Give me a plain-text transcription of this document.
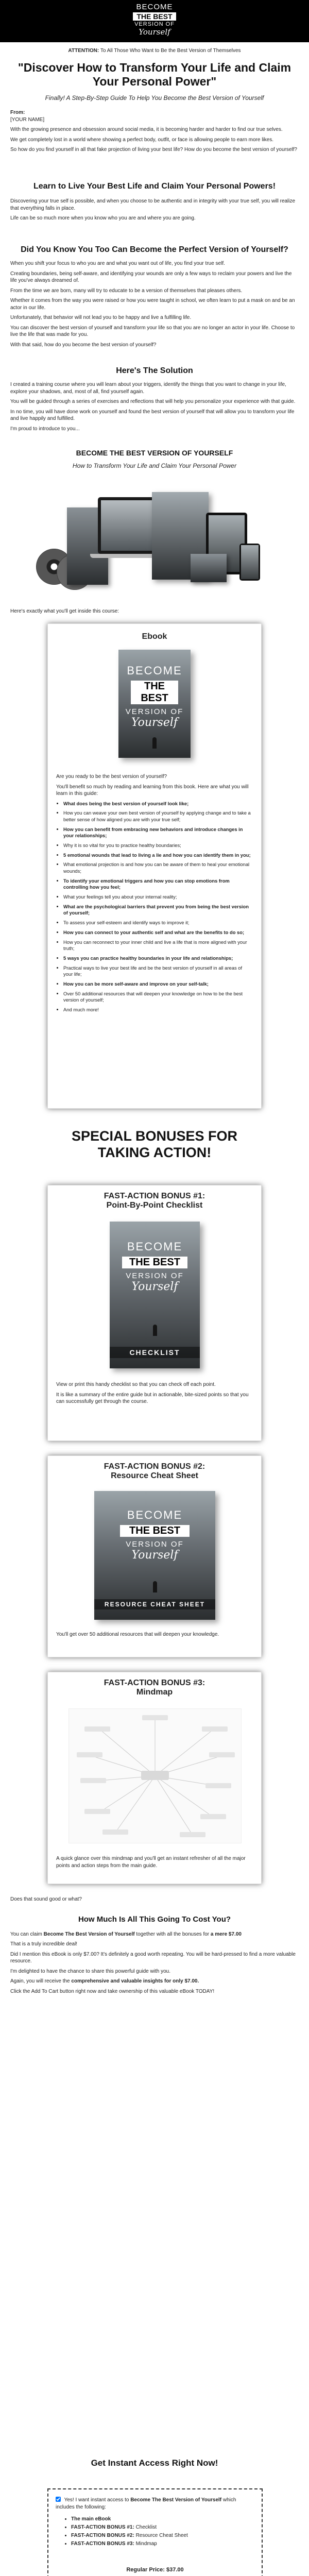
BECOME
THE BEST
VERSION OF
Yourself

ATTENTION: To All Those Who Want to Be the Best Version of Themselves

"Discover How to Transform Your Life and Claim Your Personal Power"

Finally! A Step-By-Step Guide To Help You Become the Best Version of Yourself

From:
[YOUR NAME]

With the growing presence and obsession around social media, it is becoming harder and harder to find our true selves.

We get completely lost in a world where showing a perfect body, outfit, or face is allowing people to earn more likes.

So how do you find yourself in all that fake projection of living your best life? How do you become the best version of yourself?

Learn to Live Your Best Life and Claim Your Personal Powers!

Discovering your true self is possible, and when you choose to be authentic and in integrity with your true self, you will realize that everything falls in place.

Life can be so much more when you know who you are and where you are going.

Did You Know You Too Can Become the Perfect Version of Yourself?

When you shift your focus to who you are and what you want out of life, you find your true self.

Creating boundaries, being self-aware, and identifying your wounds are only a few ways to reclaim your powers and live the life you've always dreamed of.

From the time we are born, many will try to educate to be a version of themselves that pleases others.

Whether it comes from the way you were raised or how you were taught in school, we often learn to put a mask on and be an actor in our life.

Unfortunately, that behavior will not lead you to be happy and live a fulfilling life.

You can discover the best version of yourself and transform your life so that you are no longer an actor in your life. Choose to live the life that was made for you.

With that said, how do you become the best version of yourself?

Here's The Solution

I created a training course where you will learn about your triggers, identify the things that you want to change in your life, explore your shadows, and, most of all, find yourself again.

You will be guided through a series of exercises and reflections that will help you personalize your experience with that guide.

In no time, you will have done work on yourself and found the best version of yourself that will allow you to transform your life and live happily and fulfilled.

I'm proud to introduce to you...

BECOME THE BEST VERSION OF YOURSELF

How to Transform Your Life and Claim Your Personal Power

Here's exactly what you'll get inside this course:

Ebook
BECOME
THE BEST
VERSION OF
Yourself

Are you ready to be the best version of yourself?

You'll benefit so much by reading and learning from this book. Here are what you will learn in this guide:

• What does being the best version of yourself look like;
• How you can weave your own best version of yourself by applying change and to take a better sense of how aligned you are with your true self;
• How you can benefit from embracing new behaviors and introduce changes in your relationships;
• Why it is so vital for you to practice healthy boundaries;
• 5 emotional wounds that lead to living a lie and how you can identify them in you;
• What emotional projection is and how you can be aware of them to heal your emotional wounds;
• To identify your emotional triggers and how you can stop emotions from controlling how you feel;
• What your feelings tell you about your internal reality;
• What are the psychological barriers that prevent you from being the best version of yourself;
• To assess your self-esteem and identify ways to improve it;
• How you can connect to your authentic self and what are the benefits to do so;
• How you can reconnect to your inner child and live a life that is more aligned with your truth;
• 5 ways you can practice healthy boundaries in your life and relationships;
• Practical ways to live your best life and be the best version of yourself in all areas of your life;
• How you can be more self-aware and improve on your self-talk;
• Over 50 additional resources that will deepen your knowledge on how to be the best version of yourself;
• And much more!
SPECIAL BONUSES FOR TAKING ACTION!
FAST-ACTION BONUS #1:
Point-By-Point Checklist
BECOME
THE BEST
VERSION OF
Yourself
CHECKLIST

View or print this handy checklist so that you can check off each point.

It is like a summary of the entire guide but in actionable, bite-sized points so that you can successfully get through the course.

FAST-ACTION BONUS #2:
Resource Cheat Sheet
BECOME
THE BEST
VERSION OF
Yourself
RESOURCE CHEAT SHEET

You'll get over 50 additional resources that will deepen your knowledge.

FAST-ACTION BONUS #3:
Mindmap

A quick glance over this mindmap and you'll get an instant refresher of all the major points and action steps from the main guide.

Does that sound good or what?

How Much Is All This Going To Cost You?

You can claim Become The Best Version of Yourself together with all the bonuses for a mere $7.00

That is a truly incredible deal!

Did I mention this eBook is only $7.00? It's definitely a good worth repeating. You will be hard-pressed to find a more valuable resource.

I'm delighted to have the chance to share this powerful guide with you.

Again, you will receive the comprehensive and valuable insights for only $7.00.

Click the Add To Cart button right now and take ownership of this valuable eBook TODAY!

Get Instant Access Right Now!
Yes! I want instant access to Become The Best Version of Yourself which includes the following:
• The main eBook
• FAST-ACTION BONUS #1: Checklist
• FAST-ACTION BONUS #2: Resource Cheat Sheet
• FAST-ACTION BONUS #3: Mindmap
Regular Price: $37.00
